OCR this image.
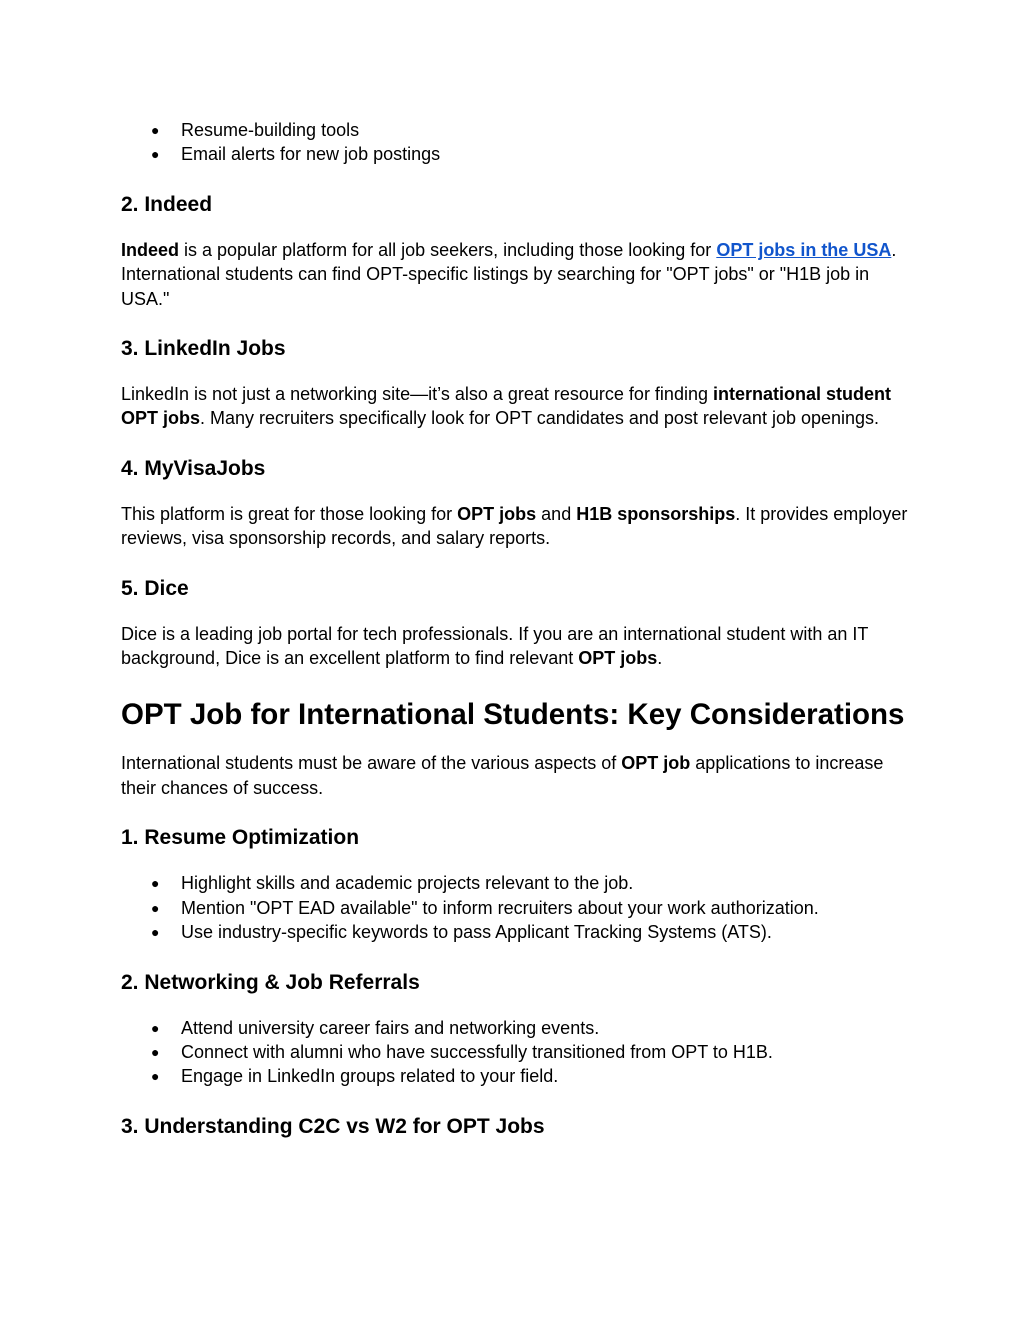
● Resume-building tools
● Email alerts for new job postings
2. Indeed

Indeed is a popular platform for all job seekers, including those looking for OPT jobs in the USA. International students can find OPT-specific listings by searching for "OPT jobs" or "H1B job in USA."

3. LinkedIn Jobs

LinkedIn is not just a networking site—it’s also a great resource for finding international student OPT jobs. Many recruiters specifically look for OPT candidates and post relevant job openings.

4. MyVisaJobs

This platform is great for those looking for OPT jobs and H1B sponsorships. It provides employer reviews, visa sponsorship records, and salary reports.

5. Dice

Dice is a leading job portal for tech professionals. If you are an international student with an IT background, Dice is an excellent platform to find relevant OPT jobs.

OPT Job for International Students: Key Considerations

International students must be aware of the various aspects of OPT job applications to increase their chances of success.

1. Resume Optimization
● Highlight skills and academic projects relevant to the job.
● Mention "OPT EAD available" to inform recruiters about your work authorization.
● Use industry-specific keywords to pass Applicant Tracking Systems (ATS).
2. Networking & Job Referrals
● Attend university career fairs and networking events.
● Connect with alumni who have successfully transitioned from OPT to H1B.
● Engage in LinkedIn groups related to your field.
3. Understanding C2C vs W2 for OPT Jobs
